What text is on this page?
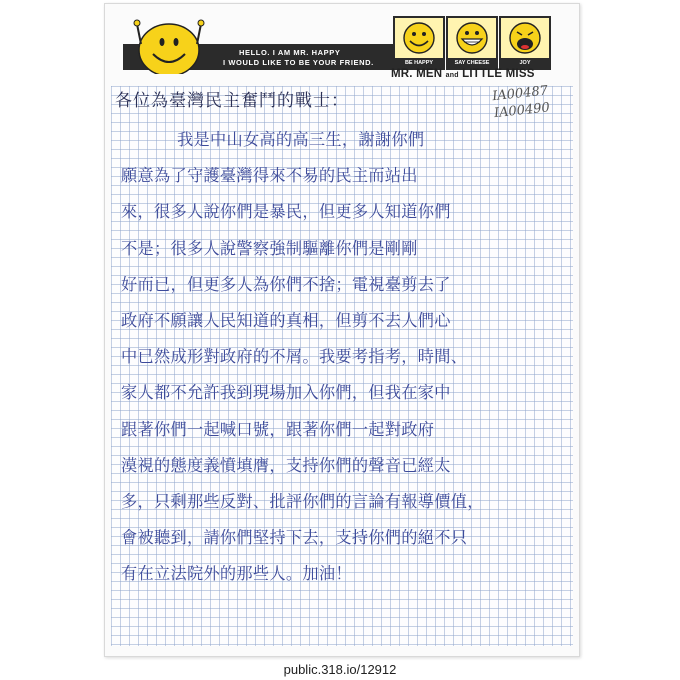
HELLO. I AM MR. HAPPY
I WOULD LIKE TO BE YOUR FRIEND.	BE HAPPY	SAY CHEESE	JOY
MR. MEN and LITTLE MISS
IA00487
IA00490
各位為臺灣民主奮鬥的戰士：
我是中山女高的高三生，謝謝你們
願意為了守護臺灣得來不易的民主而站出
來，很多人說你們是暴民，但更多人知道你們
不是；很多人說警察強制驅離你們是剛剛
好而已，但更多人為你們不捨；電視臺剪去了
政府不願讓人民知道的真相，但剪不去人們心
中已然成形對政府的不屑。我要考指考，時間、
家人都不允許我到現場加入你們，但我在家中
跟著你們一起喊口號，跟著你們一起對政府
漠視的態度義憤填膺，支持你們的聲音已經太
多，只剩那些反對、批評你們的言論有報導價值，
會被聽到，請你們堅持下去，支持你們的絕不只
有在立法院外的那些人。加油！
public.318.io/12912
